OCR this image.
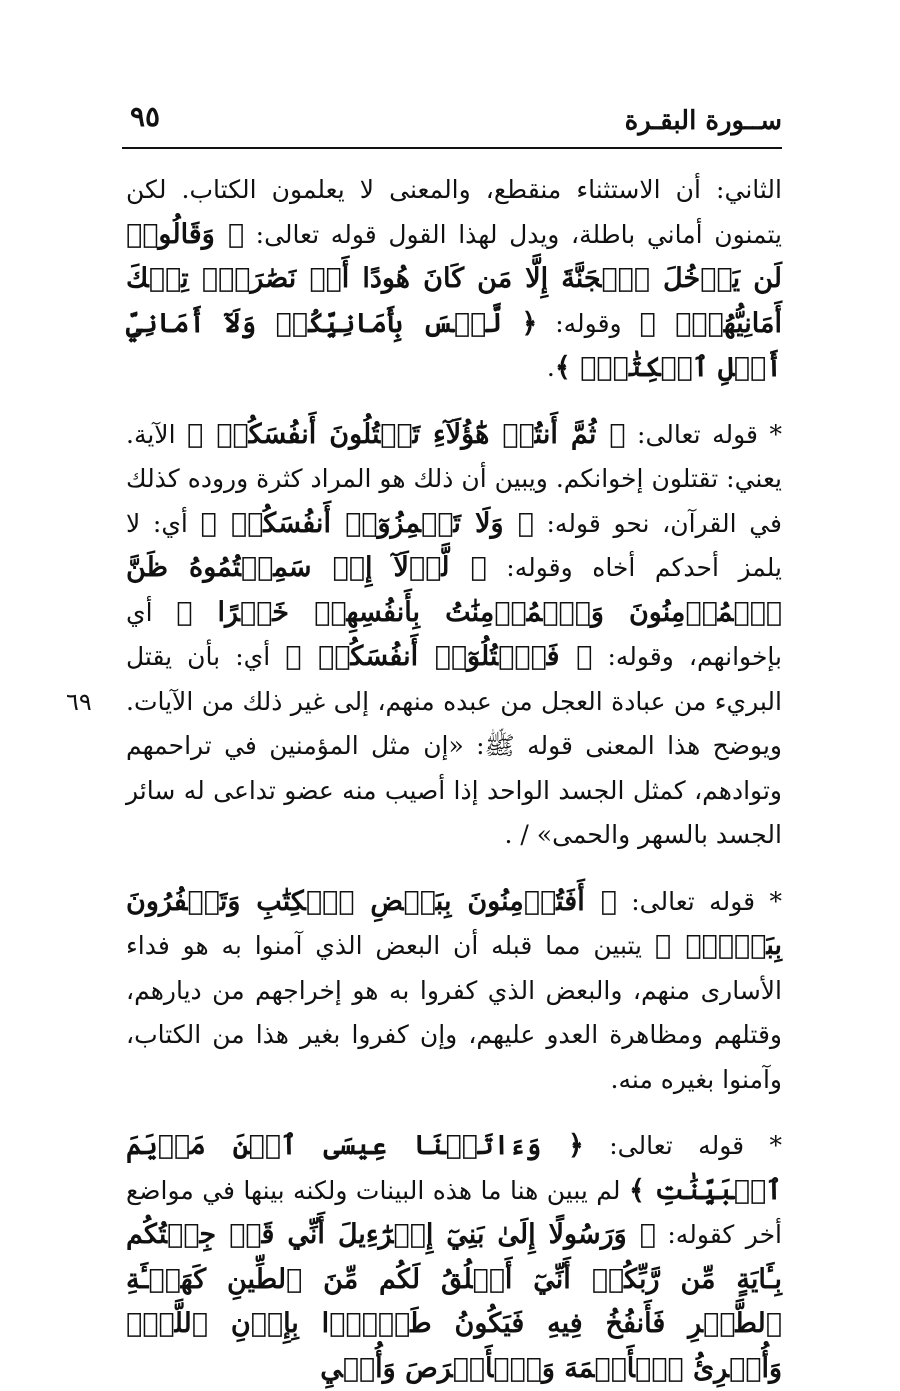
ســورة البقـرة
٩٥
٦٩

الثاني: أن الاستثناء منقطع، والمعنى لا يعلمون الكتاب. لكن يتمنون أماني باطلة، ويدل لهذا القول قوله تعالى: ﴿ وَقَالُوا۟ لَن يَدۡخُلَ ٱلۡجَنَّةَ إِلَّا مَن كَانَ هُودًا أَوۡ نَصَٰرَىٰۗ تِلۡكَ أَمَانِيُّهُمۡۗ ﴾ وقوله: ﴿ لَّيۡسَ بِأَمَانِيِّكُمۡ وَلَآ أَمَانِيِّ أَهۡلِ ٱلۡكِتَٰبِۗ ﴾.

* قوله تعالى: ﴿ ثُمَّ أَنتُمۡ هَٰٓؤُلَآءِ تَقۡتُلُونَ أَنفُسَكُمۡ ﴾ الآية. يعني: تقتلون إخوانكم. ويبين أن ذلك هو المراد كثرة وروده كذلك في القرآن، نحو قوله: ﴿ وَلَا تَلۡمِزُوٓا۟ أَنفُسَكُمۡ ﴾ أي: لا يلمز أحدكم أخاه وقوله: ﴿ لَّوۡلَآ إِذۡ سَمِعۡتُمُوهُ ظَنَّ ٱلۡمُؤۡمِنُونَ وَٱلۡمُؤۡمِنَٰتُ بِأَنفُسِهِمۡ خَيۡرًا ﴾ أي بإخوانهم، وقوله: ﴿ فَٱقۡتُلُوٓا۟ أَنفُسَكُمۡ ﴾ أي: بأن يقتل البريء من عبادة العجل من عبده منهم، إلى غير ذلك من الآيات. ويوضح هذا المعنى قوله ﷺ: «إن مثل المؤمنين في تراحمهم وتوادهم، كمثل الجسد الواحد إذا أصيب منه عضو تداعى له سائر الجسد بالسهر والحمى» / .

* قوله تعالى: ﴿ أَفَتُؤۡمِنُونَ بِبَعۡضِ ٱلۡكِتَٰبِ وَتَكۡفُرُونَ بِبَعۡضٍۚ ﴾ يتبين مما قبله أن البعض الذي آمنوا به هو فداء الأسارى منهم، والبعض الذي كفروا به هو إخراجهم من ديارهم، وقتلهم ومظاهرة العدو عليهم، وإن كفروا بغير هذا من الكتاب، وآمنوا بغيره منه.

* قوله تعالى: ﴿ وَءَاتَيۡنَا عِيسَى ٱبۡنَ مَرۡيَمَ ٱلۡبَيِّنَٰتِ ﴾ لم يبين هنا ما هذه البينات ولكنه بينها في مواضع أخر كقوله: ﴿ وَرَسُولًا إِلَىٰ بَنِيٓ إِسۡرَٰٓءِيلَ أَنِّي قَدۡ جِئۡتُكُم بِـَٔايَةٍ مِّن رَّبِّكُمۡ أَنِّيٓ أَخۡلُقُ لَكُم مِّنَ ٱلطِّينِ كَهَيۡـَٔةِ ٱلطَّيۡرِ فَأَنفُخُ فِيهِ فَيَكُونُ طَيۡرَۢا بِإِذۡنِ ٱللَّهِۖ وَأُبۡرِئُ ٱلۡأَكۡمَهَ وَٱلۡأَبۡرَصَ وَأُحۡيِ
